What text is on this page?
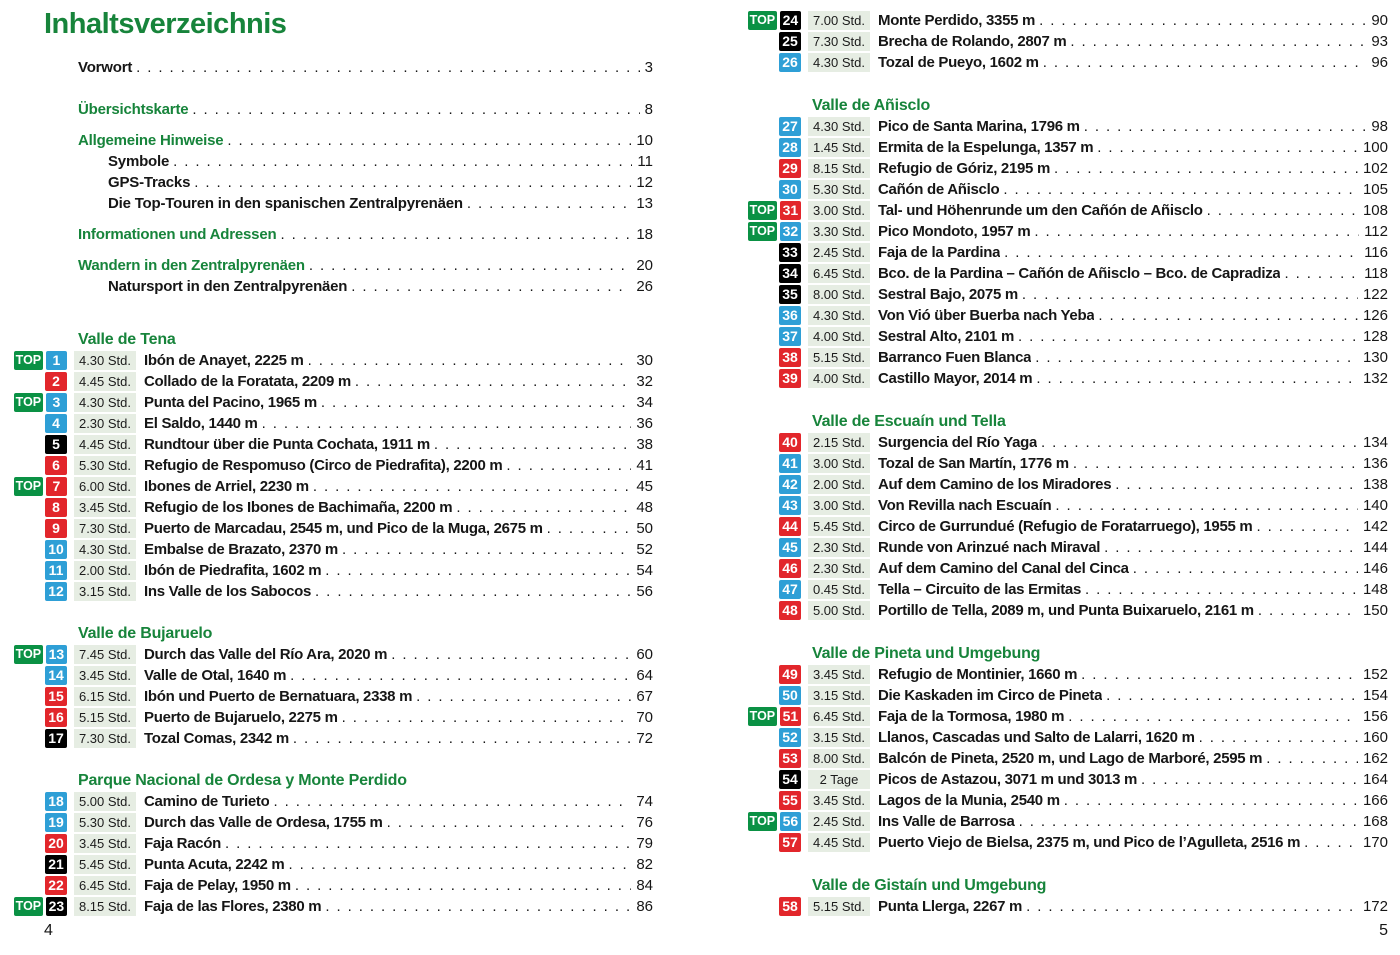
Inhaltsverzeichnis
Vorwort . . .	3
Übersichtskarte . . .	8
Allgemeine Hinweise . . .	10
Symbole . . .	11
GPS-Tracks . . .	12
Die Top-Touren in den spanischen Zentralpyrenäen . . .	13
Informationen und Adressen . . .	18
Wandern in den Zentralpyrenäen . . .	20
Natursport in den Zentralpyrenäen . . .	26
Valle de Tena
TOP 1	4.30 Std. Ibón de Anayet, 2225 m . . .	30
2	4.45 Std. Collado de la Foratata, 2209 m . . .	32
TOP 3	4.30 Std. Punta del Pacino, 1965 m . . .	34
4	2.30 Std. El Saldo, 1440 m . . .	36
5	4.45 Std. Rundtour über die Punta Cochata, 1911 m . . .	38
6	5.30 Std. Refugio de Respomuso (Circo de Piedrafita), 2200 m . . .	41
TOP 7	6.00 Std. Ibones de Arriel, 2230 m . . .	45
8	3.45 Std. Refugio de los Ibones de Bachimaña, 2200 m . . .	48
9	7.30 Std. Puerto de Marcadau, 2545 m, und Pico de la Muga, 2675 m . . .	50
10	4.30 Std. Embalse de Brazato, 2370 m . . .	52
11	2.00 Std. Ibón de Piedrafita, 1602 m . . .	54
12	3.15 Std. Ins Valle de los Sabocos . . .	56
Valle de Bujaruelo
TOP 13	7.45 Std. Durch das Valle del Río Ara, 2020 m . . .	60
14	3.45 Std. Valle de Otal, 1640 m . . .	64
15	6.15 Std. Ibón und Puerto de Bernatuara, 2338 m . . .	67
16	5.15 Std. Puerto de Bujaruelo, 2275 m . . .	70
17	7.30 Std. Tozal Comas, 2342 m . . .	72
Parque Nacional de Ordesa y Monte Perdido
18	5.00 Std. Camino de Turieto . . .	74
19	5.30 Std. Durch das Valle de Ordesa, 1755 m . . .	76
20	3.45 Std. Faja Racón . . .	79
21	5.45 Std. Punta Acuta, 2242 m . . .	82
22	6.45 Std. Faja de Pelay, 1950 m . . .	84
TOP 23	8.15 Std. Faja de las Flores, 2380 m . . .	86
TOP 24	7.00 Std. Monte Perdido, 3355 m . . .	90
25	7.30 Std. Brecha de Rolando, 2807 m . . .	93
26	4.30 Std. Tozal de Pueyo, 1602 m . . .	96
Valle de Añisclo
27	4.30 Std. Pico de Santa Marina, 1796 m . . .	98
28	1.45 Std. Ermita de la Espelunga, 1357 m . . .	100
29	8.15 Std. Refugio de Góriz, 2195 m . . .	102
30	5.30 Std. Cañón de Añisclo . . .	105
TOP 31	3.00 Std. Tal- und Höhenrunde um den Cañón de Añisclo . . .	108
TOP 32	3.30 Std. Pico Mondoto, 1957 m . . .	112
33	2.45 Std. Faja de la Pardina . . .	116
34	6.45 Std. Bco. de la Pardina – Cañón de Añisclo – Bco. de Capradiza . . .	118
35	8.00 Std. Sestral Bajo, 2075 m . . .	122
36	4.30 Std. Von Vió über Buerba nach Yeba . . .	126
37	4.00 Std. Sestral Alto, 2101 m . . .	128
38	5.15 Std. Barranco Fuen Blanca . . .	130
39	4.00 Std. Castillo Mayor, 2014 m . . .	132
Valle de Escuaín und Tella
40	2.15 Std. Surgencia del Río Yaga . . .	134
41	3.00 Std. Tozal de San Martín, 1776 m . . .	136
42	2.00 Std. Auf dem Camino de los Miradores . . .	138
43	3.00 Std. Von Revilla nach Escuaín . . .	140
44	5.45 Std. Circo de Gurrundué (Refugio de Foratarruego), 1955 m . . .	142
45	2.30 Std. Runde von Arinzué nach Miraval . . .	144
46	2.30 Std. Auf dem Camino del Canal del Cinca . . .	146
47	0.45 Std. Tella – Circuito de las Ermitas . . .	148
48	5.00 Std. Portillo de Tella, 2089 m, und Punta Buixaruelo, 2161 m . . .	150
Valle de Pineta und Umgebung
49	3.45 Std. Refugio de Montinier, 1660 m . . .	152
50	3.15 Std. Die Kaskaden im Circo de Pineta . . .	154
TOP 51	6.45 Std. Faja de la Tormosa, 1980 m . . .	156
52	3.15 Std. Llanos, Cascadas und Salto de Lalarri, 1620 m . . .	160
53	8.00 Std. Balcón de Pineta, 2520 m, und Lago de Marboré, 2595 m . . .	162
54	2 Tage	Picos de Astazou, 3071 m und 3013 m . . .	164
55	3.45 Std. Lagos de la Munia, 2540 m . . .	166
TOP 56	2.45 Std. Ins Valle de Barrosa . . .	168
57	4.45 Std. Puerto Viejo de Bielsa, 2375 m, und Pico de l’Agulleta, 2516 m . . .	170
Valle de Gistaín und Umgebung
58	5.15 Std. Punta Llerga, 2267 m . . .	172
4	5
